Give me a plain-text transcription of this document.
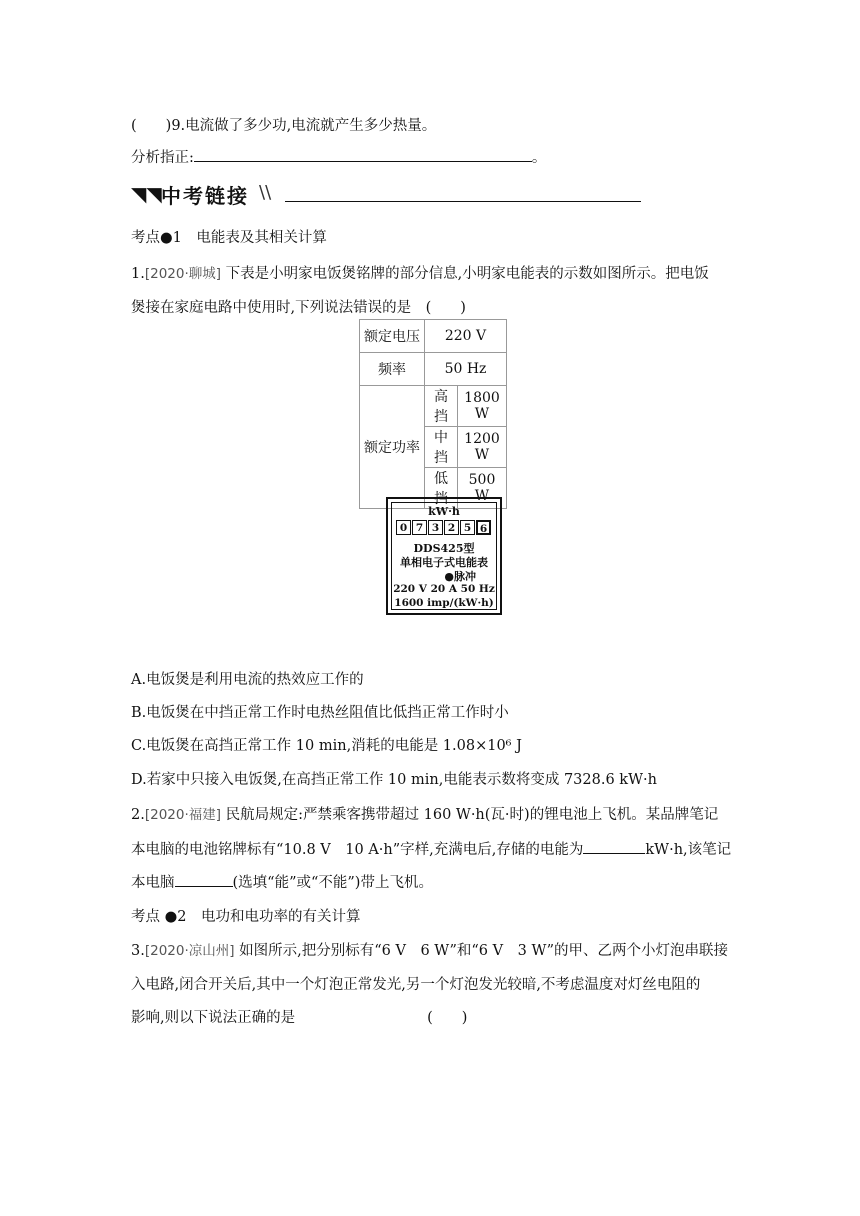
(　　)9.电流做了多少功,电流就产生多少热量。
分析指正:	。
◥◥ 中考链接 \\
考点●1　电能表及其相关计算
1.[2020·聊城] 下表是小明家电饭煲铭牌的部分信息,小明家电能表的示数如图所示。把电饭
煲接在家庭电路中使用时,下列说法错误的是　(　　)
额定电压	220 V	
频率	50 Hz	
额定功率	高挡	1800 W
	中挡	1200 W
	低挡	500 W
kW·h
0 7 3 2 5 6
DDS425型
单相电子式电能表
●脉冲
220 V 20 A 50 Hz
1600 imp/(kW·h)
A.电饭煲是利用电流的热效应工作的
B.电饭煲在中挡正常工作时电热丝阻值比低挡正常工作时小
C.电饭煲在高挡正常工作 10 min,消耗的电能是 1.08×10⁶ J
D.若家中只接入电饭煲,在高挡正常工作 10 min,电能表示数将变成 7328.6 kW·h
2.[2020·福建] 民航局规定:严禁乘客携带超过 160 W·h(瓦·时)的锂电池上飞机。某品牌笔记
本电脑的电池铭牌标有“10.8 V　10 A·h”字样,充满电后,存储的电能为	kW·h,该笔记
本电脑	(选填“能”或“不能”)带上飞机。
考点 ●2　电功和电功率的有关计算
3.[2020·凉山州] 如图所示,把分别标有“6 V　6 W”和“6 V　3 W”的甲、乙两个小灯泡串联接
入电路,闭合开关后,其中一个灯泡正常发光,另一个灯泡发光较暗,不考虑温度对灯丝电阻的
影响,则以下说法正确的是	(　　)
